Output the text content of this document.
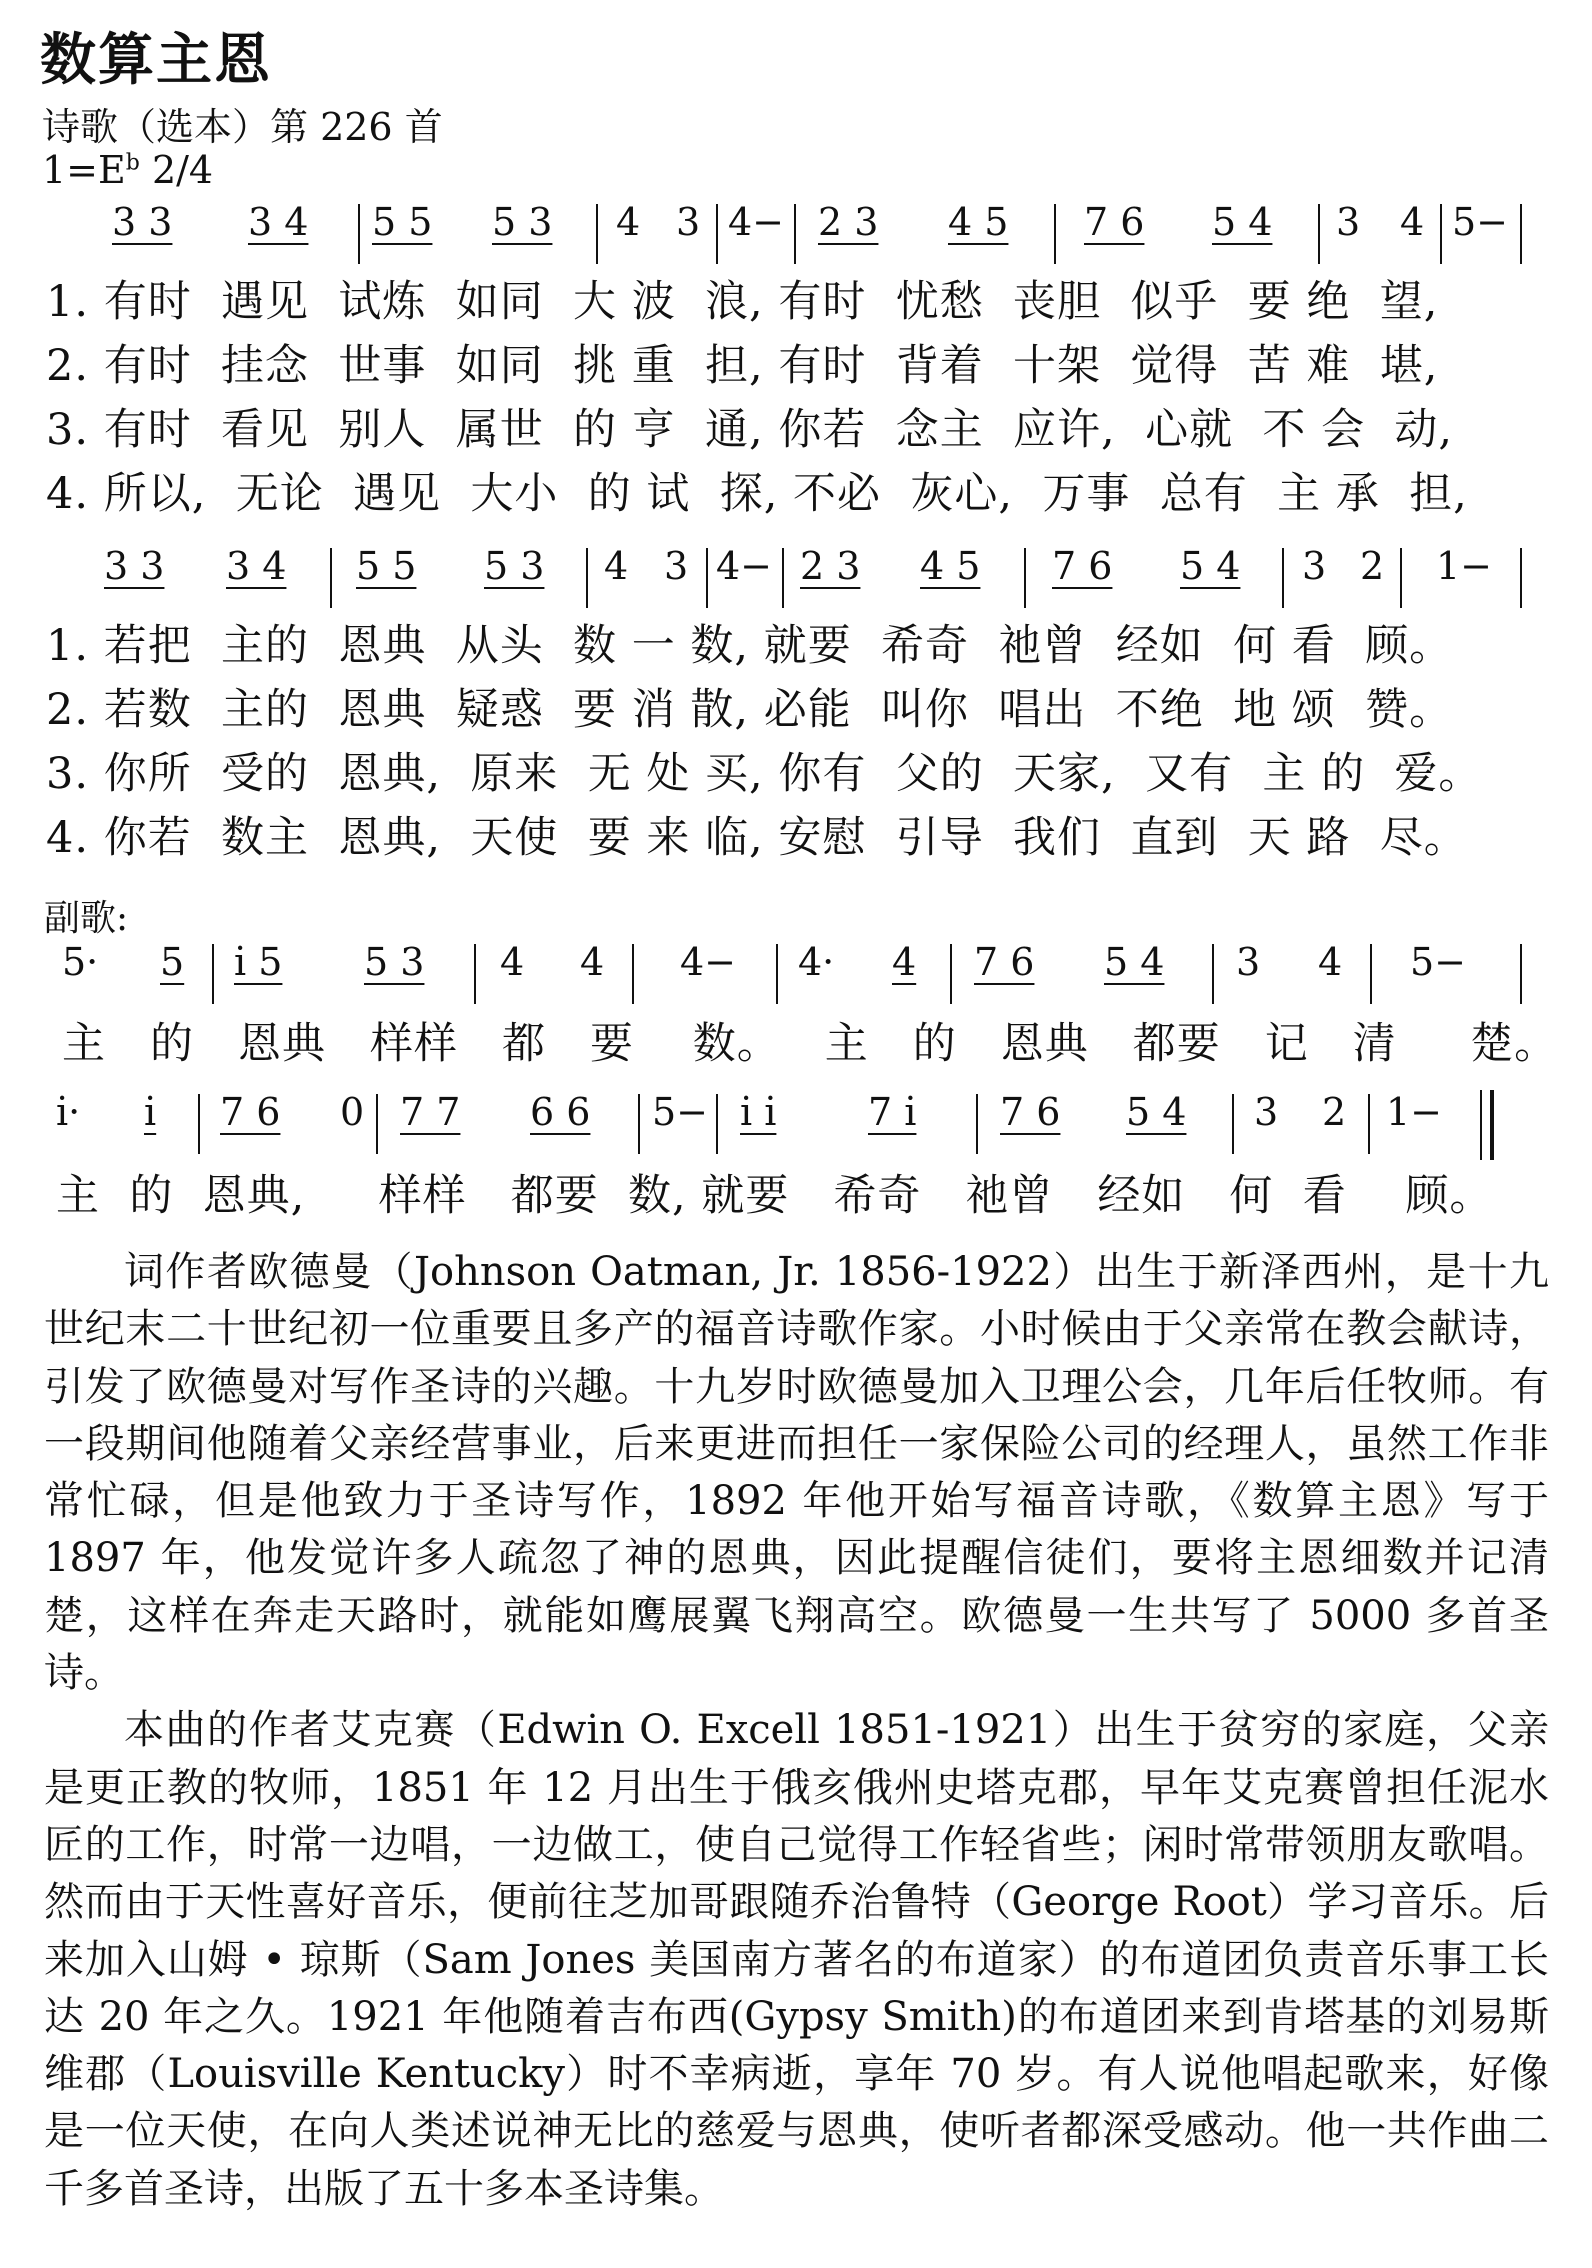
数算主恩
诗歌（选本）第 226 首
$1=E^b$ 2/4
3 3 3 4 5 5 5 3 4 3 4− 2 3 4 5 7 6 5 4 3 4 5−
1. 有时  遇见  试炼  如同  大 波  浪, 有时  忧愁  丧胆  似乎  要 绝  望,
2. 有时  挂念  世事  如同  挑 重  担, 有时  背着  十架  觉得  苦 难  堪,
3. 有时  看见  别人  属世  的 亨  通, 你若  念主  应许,  心就  不 会  动,
4. 所以,  无论  遇见  大小  的 试  探, 不必  灰心,  万事  总有  主 承  担,
3 3 3 4 5 5 5 3 4 3 4− 2 3 4 5 7 6 5 4 3 2 1−
1. 若把  主的  恩典  从头  数 一 数, 就要  希奇  祂曾  经如  何 看  顾。
2. 若数  主的  恩典  疑惑  要 消 散, 必能  叫你  唱出  不绝  地 颂  赞。
3. 你所  受的  恩典,  原来  无 处 买, 你有  父的  天家,  又有  主 的  爱。
4. 你若  数主  恩典,  天使  要 来 临, 安慰  引导  我们  直到  天 路  尽。
副歌:
5· 5 i̇ 5 5 3 4 4 4− 4· 4 7 6 5 4 3 4 5−
主   的   恩典   样样   都   要    数。   主   的   恩典   都要   记   清     楚。
i̇· i̇ 7 6 0 7 7 6 6 5− i̇ i̇ 7 i̇ 7 6 5 4 3 2 1−
主  的  恩典,     样样   都要  数, 就要   希奇   祂曾   经如   何  看    顾。

词作者欧德曼（Johnson Oatman, Jr. 1856-1922）出生于新泽西州，是十九世纪末二十世纪初一位重要且多产的福音诗歌作家。小时候由于父亲常在教会献诗，引发了欧德曼对写作圣诗的兴趣。十九岁时欧德曼加入卫理公会，几年后任牧师。有一段期间他随着父亲经营事业，后来更进而担任一家保险公司的经理人，虽然工作非常忙碌，但是他致力于圣诗写作，1892 年他开始写福音诗歌，《数算主恩》写于 1897 年，他发觉许多人疏忽了神的恩典，因此提醒信徒们，要将主恩细数并记清楚，这样在奔走天路时，就能如鹰展翼飞翔高空。欧德曼一生共写了 5000 多首圣诗。

本曲的作者艾克赛（Edwin O. Excell 1851-1921）出生于贫穷的家庭，父亲是更正教的牧师，1851 年 12 月出生于俄亥俄州史塔克郡，早年艾克赛曾担任泥水匠的工作，时常一边唱，一边做工，使自己觉得工作轻省些；闲时常带领朋友歌唱。然而由于天性喜好音乐，便前往芝加哥跟随乔治鲁特（George Root）学习音乐。后来加入山姆 • 琼斯（Sam Jones 美国南方著名的布道家）的布道团负责音乐事工长达 20 年之久。1921 年他随着吉布西(Gypsy Smith)的布道团来到肯塔基的刘易斯维郡（Louisville Kentucky）时不幸病逝，享年 70 岁。有人说他唱起歌来，好像是一位天使，在向人类述说神无比的慈爱与恩典，使听者都深受感动。他一共作曲二千多首圣诗，出版了五十多本圣诗集。
